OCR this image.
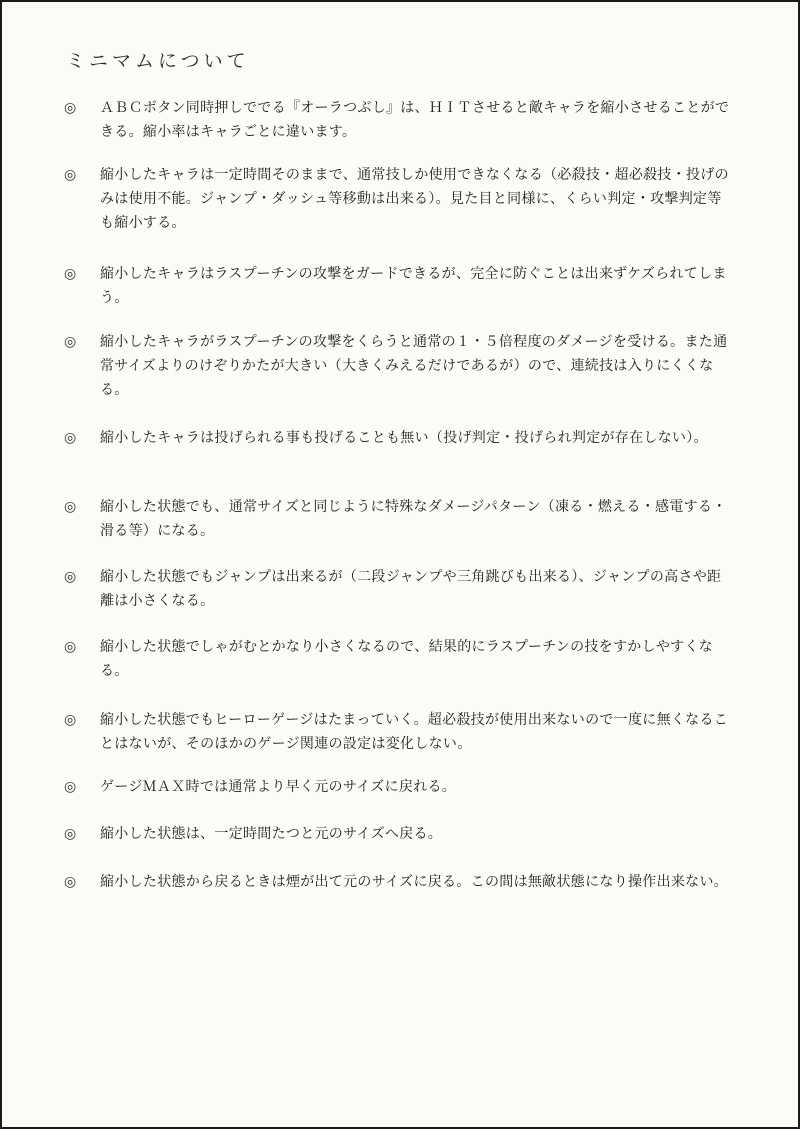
ミニマムについて
◎	ＡＢＣボタン同時押しででる『オーラつぶし』は、ＨＩＴさせると敵キャラを縮小させることができる。縮小率はキャラごとに違います。
◎	縮小したキャラは一定時間そのままで、通常技しか使用できなくなる（必殺技・超必殺技・投げのみは使用不能。ジャンプ・ダッシュ等移動は出来る）。見た目と同様に、くらい判定・攻撃判定等も縮小する。
◎	縮小したキャラはラスプーチンの攻撃をガードできるが、完全に防ぐことは出来ずケズられてしまう。
◎	縮小したキャラがラスプーチンの攻撃をくらうと通常の１・５倍程度のダメージを受ける。また通常サイズよりのけぞりかたが大きい（大きくみえるだけであるが）ので、連続技は入りにくくなる。
◎	縮小したキャラは投げられる事も投げることも無い（投げ判定・投げられ判定が存在しない）。
◎	縮小した状態でも、通常サイズと同じように特殊なダメージパターン（凍る・燃える・感電する・滑る等）になる。
◎	縮小した状態でもジャンプは出来るが（二段ジャンプや三角跳びも出来る）、ジャンプの高さや距離は小さくなる。
◎	縮小した状態でしゃがむとかなり小さくなるので、結果的にラスプーチンの技をすかしやすくなる。
◎	縮小した状態でもヒーローゲージはたまっていく。超必殺技が使用出来ないので一度に無くなることはないが、そのほかのゲージ関連の設定は変化しない。
◎	ゲージＭＡＸ時では通常より早く元のサイズに戻れる。
◎	縮小した状態は、一定時間たつと元のサイズへ戻る。
◎	縮小した状態から戻るときは煙が出て元のサイズに戻る。この間は無敵状態になり操作出来ない。
